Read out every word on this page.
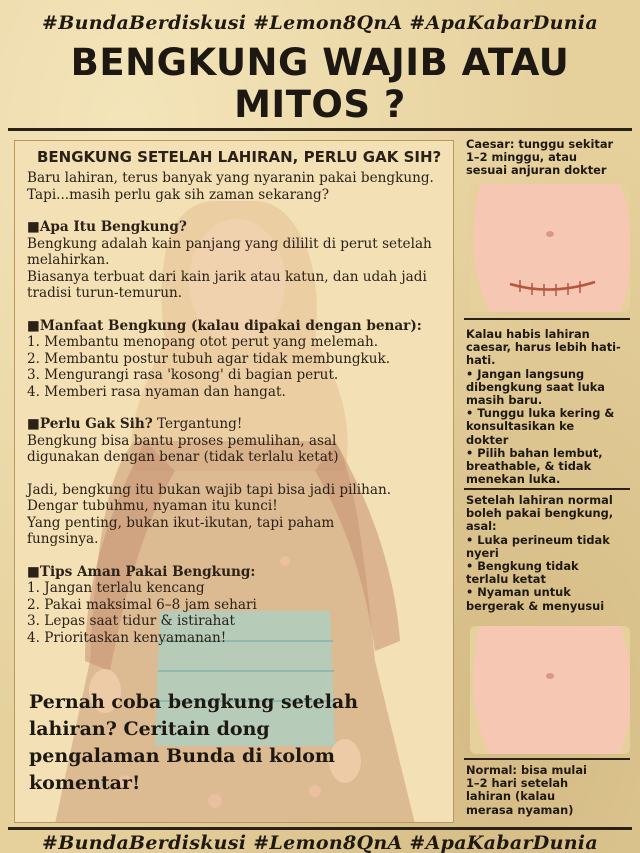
#BundaBerdiskusi #Lemon8QnA #ApaKabarDunia
BENGKUNG WAJIB ATAU
MITOS ?
BENGKUNG SETELAH LAHIRAN, PERLU GAK SIH?
Baru lahiran, terus banyak yang nyaranin pakai bengkung.
Tapi...masih perlu gak sih zaman sekarang?
■Apa Itu Bengkung?
Bengkung adalah kain panjang yang dililit di perut setelah
melahirkan.
Biasanya terbuat dari kain jarik atau katun, dan udah jadi
tradisi turun-temurun.
■Manfaat Bengkung (kalau dipakai dengan benar):
1. Membantu menopang otot perut yang melemah.
2. Membantu postur tubuh agar tidak membungkuk.
3. Mengurangi rasa 'kosong' di bagian perut.
4. Memberi rasa nyaman dan hangat.
■Perlu Gak Sih? Tergantung!
Bengkung bisa bantu proses pemulihan, asal
digunakan dengan benar (tidak terlalu ketat)
Jadi, bengkung itu bukan wajib tapi bisa jadi pilihan.
Dengar tubuhmu, nyaman itu kunci!
Yang penting, bukan ikut-ikutan, tapi paham
fungsinya.
■Tips Aman Pakai Bengkung:
1. Jangan terlalu kencang
2. Pakai maksimal 6–8 jam sehari
3. Lepas saat tidur & istirahat
4. Prioritaskan kenyamanan!
Pernah coba bengkung setelah
lahiran? Ceritain dong
pengalaman Bunda di kolom
komentar!
Caesar: tunggu sekitar
1–2 minggu, atau
sesuai anjuran dokter
Kalau habis lahiran
caesar, harus lebih hati-
hati.
• Jangan langsung
dibengkung saat luka
masih baru.
• Tunggu luka kering &
konsultasikan ke
dokter
• Pilih bahan lembut,
breathable, & tidak
menekan luka.
Setelah lahiran normal
boleh pakai bengkung,
asal:
• Luka perineum tidak
nyeri
• Bengkung tidak
terlalu ketat
• Nyaman untuk
bergerak & menyusui
Normal: bisa mulai
1–2 hari setelah
lahiran (kalau
merasa nyaman)
#BundaBerdiskusi #Lemon8QnA #ApaKabarDunia
